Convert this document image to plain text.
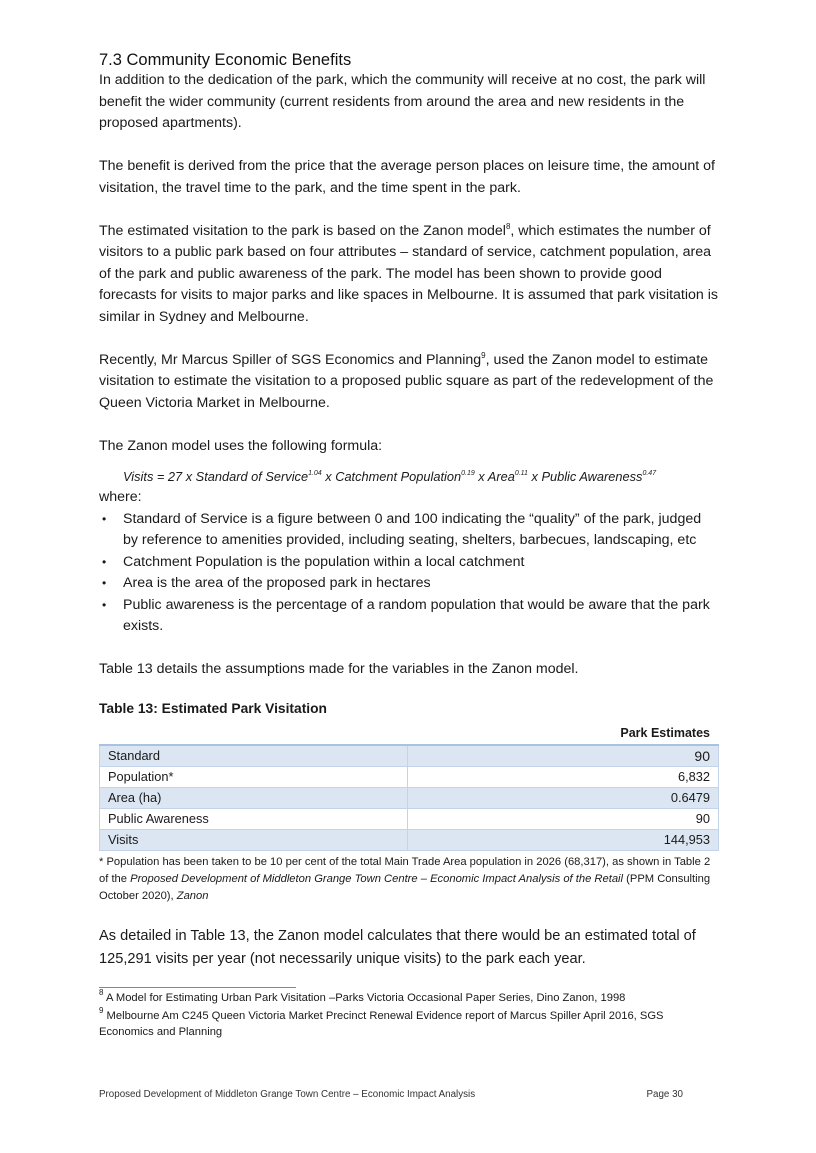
7.3 Community Economic Benefits

In addition to the dedication of the park, which the community will receive at no cost, the park will benefit the wider community (current residents from around the area and new residents in the proposed apartments).

The benefit is derived from the price that the average person places on leisure time, the amount of visitation, the travel time to the park, and the time spent in the park.

The estimated visitation to the park is based on the Zanon model$^8$, which estimates the number of visitors to a public park based on four attributes – standard of service, catchment population, area of the park and public awareness of the park. The model has been shown to provide good forecasts for visits to major parks and like spaces in Melbourne. It is assumed that park visitation is similar in Sydney and Melbourne.

Recently, Mr Marcus Spiller of SGS Economics and Planning$^9$, used the Zanon model to estimate visitation to estimate the visitation to a proposed public square as part of the redevelopment of the Queen Victoria Market in Melbourne.

The Zanon model uses the following formula:

Visits = 27 x Standard of Service$^{1.04}$ x Catchment Population$^{0.19}$ x Area$^{0.11}$ x Public Awareness$^{0.47}$

where:

• Standard of Service is a figure between 0 and 100 indicating the “quality” of the park, judged by reference to amenities provided, including seating, shelters, barbecues, landscaping, etc
• Catchment Population is the population within a local catchment
• Area is the area of the proposed park in hectares
• Public awareness is the percentage of a random population that would be aware that the park exists.

Table 13 details the assumptions made for the variables in the Zanon model.

Table 13: Estimated Park Visitation
Park Estimates
Standard	90
Population*	6,832
Area (ha)	0.6479
Public Awareness	90
Visits	144,953
* Population has been taken to be 10 per cent of the total Main Trade Area population in 2026 (68,317), as shown in Table 2 of the Proposed Development of Middleton Grange Town Centre – Economic Impact Analysis of the Retail (PPM Consulting October 2020), Zanon

As detailed in Table 13, the Zanon model calculates that there would be an estimated total of 125,291 visits per year (not necessarily unique visits) to the park each year.

$^8$ A Model for Estimating Urban Park Visitation –Parks Victoria Occasional Paper Series, Dino Zanon, 1998
$^9$ Melbourne Am C245 Queen Victoria Market Precinct Renewal Evidence report of Marcus Spiller April 2016, SGS Economics and Planning
Proposed Development of Middleton Grange Town Centre – Economic Impact Analysis	Page 30
